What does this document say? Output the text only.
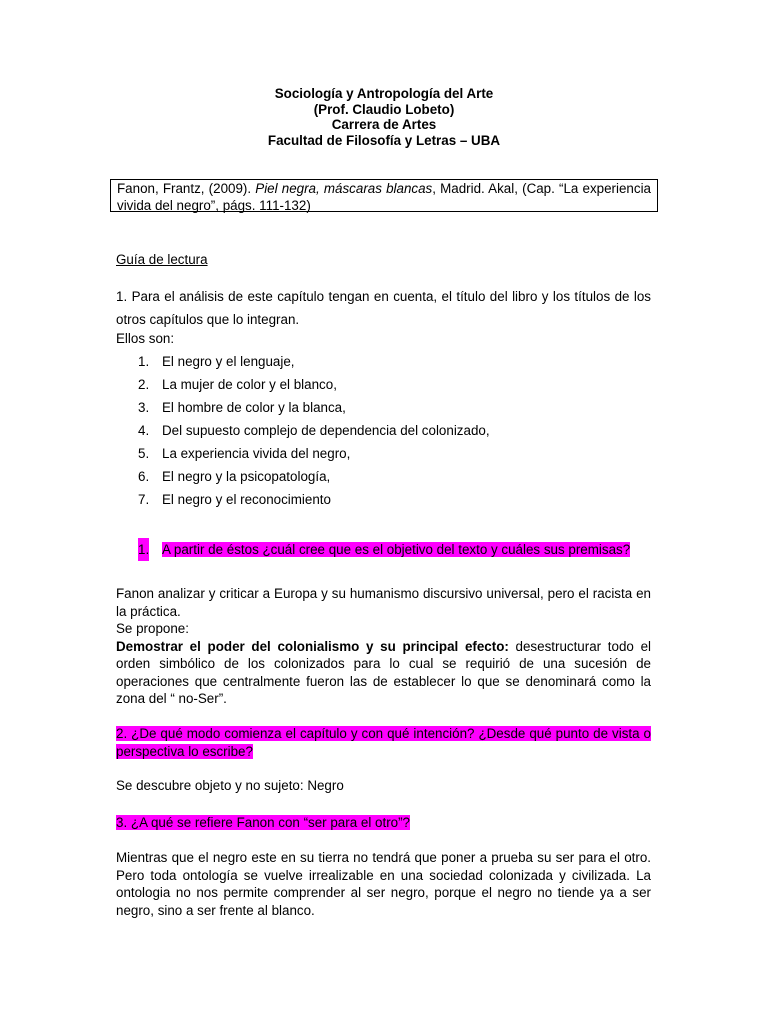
Sociología y Antropología del Arte
(Prof. Claudio Lobeto)
Carrera de Artes
Facultad de Filosofía y Letras – UBA
Fanon, Frantz, (2009). Piel negra, máscaras blancas, Madrid. Akal, (Cap. “La experiencia vivida del negro”, págs. 111-132)
Guía de lectura
1. Para el análisis de este capítulo tengan en cuenta, el título del libro y los títulos de los otros capítulos que lo integran.
Ellos son:
1. El negro y el lenguaje,
2. La mujer de color y el blanco,
3. El hombre de color y la blanca,
4. Del supuesto complejo de dependencia del colonizado,
5. La experiencia vivida del negro,
6. El negro y la psicopatología,
7. El negro y el reconocimiento
1. A partir de éstos ¿cuál cree que es el objetivo del texto y cuáles sus premisas?
Fanon analizar y criticar a Europa y su humanismo discursivo universal, pero el racista en la práctica.
Se propone:
Demostrar el poder del colonialismo y su principal efecto: desestructurar todo el orden simbólico de los colonizados para lo cual se requirió de una sucesión de operaciones que centralmente fueron las de establecer lo que se denominará como la zona del “ no-Ser”.
2. ¿De qué modo comienza el capítulo y con qué intención? ¿Desde qué punto de vista o perspectiva lo escribe?
Se descubre objeto y no sujeto: Negro
3. ¿A qué se refiere Fanon con “ser para el otro”?
Mientras que el negro este en su tierra no tendrá que poner a prueba su ser para el otro. Pero toda ontología se vuelve irrealizable en una sociedad colonizada y civilizada. La ontologia no nos permite comprender al ser negro, porque el negro no tiende ya a ser negro, sino a ser frente al blanco.
